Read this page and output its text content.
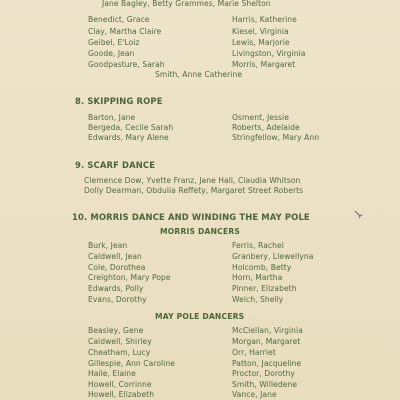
Jane Bagley, Betty Grammes, Marie Shelton
Benedict, Grace
Clay, Martha Claire
Geibel, E'Loiz
Goode, Jean
Goodpasture, Sarah
Harris, Katherine
Kiesel, Virginia
Lewis, Marjorie
Livingston, Virginia
Morris, Margaret
Smith, Anne Catherine
8. SKIPPING ROPE
Barton, Jane
Bergeda, Cecile Sarah
Edwards, Mary Alene
Osment, Jessie
Roberts, Adelaide
Stringfellow, Mary Ann
9. SCARF DANCE
Clemence Dow, Yvette Franz, Jane Hall, Claudia Whitson
Dolly Dearman, Obdulia Reffety, Margaret Street Roberts
10. MORRIS DANCE AND WINDING THE MAY POLE
MORRIS DANCERS
Burk, Jean
Caldwell, Jean
Cole, Dorothea
Creighton, Mary Pope
Edwards, Polly
Evans, Dorothy
Ferris, Rachel
Granbery, Llewellyna
Holcomb, Betty
Horn, Martha
Pinner, Elizabeth
Welch, Shelly
MAY POLE DANCERS
Beasley, Gene
Caldwell, Shirley
Cheatham, Lucy
Gillespie, Ann Caroline
Haile, Elaine
Howell, Corrinne
Howell, Elizabeth
McClellan, Virginia
Morgan, Margaret
Orr, Harriet
Patton, Jacqueline
Proctor, Dorothy
Smith, Willedene
Vance, Jane
